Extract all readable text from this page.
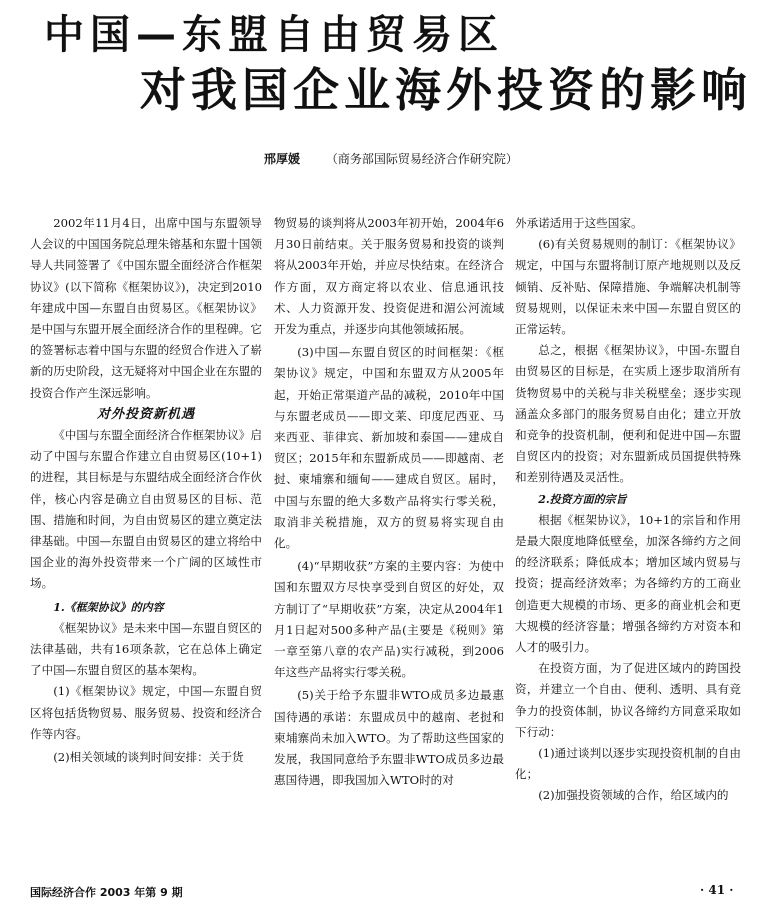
中国—东盟自由贸易区
对我国企业海外投资的影响
邢厚媛 （商务部国际贸易经济合作研究院）

2002年11月4日，出席中国与东盟领导人会议的中国国务院总理朱镕基和东盟十国领导人共同签署了《中国东盟全面经济合作框架协议》(以下简称《框架协议》)，决定到2010年建成中国—东盟自由贸易区。《框架协议》是中国与东盟开展全面经济合作的里程碑。它的签署标志着中国与东盟的经贸合作进入了崭新的历史阶段，这无疑将对中国企业在东盟的投资合作产生深远影响。

对外投资新机遇

《中国与东盟全面经济合作框架协议》启动了中国与东盟合作建立自由贸易区(10+1)的进程，其目标是与东盟结成全面经济合作伙伴，核心内容是确立自由贸易区的目标、范围、措施和时间，为自由贸易区的建立奠定法律基础。中国—东盟自由贸易区的建立将给中国企业的海外投资带来一个广阔的区域性市场。

1.《框架协议》的内容

《框架协议》是未来中国—东盟自贸区的法律基础，共有16项条款，它在总体上确定了中国—东盟自贸区的基本架构。

(1)《框架协议》规定，中国—东盟自贸区将包括货物贸易、服务贸易、投资和经济合作等内容。

(2)相关领域的谈判时间安排：关于货

物贸易的谈判将从2003年初开始，2004年6月30日前结束。关于服务贸易和投资的谈判将从2003年开始，并应尽快结束。在经济合作方面，双方商定将以农业、信息通讯技术、人力资源开发、投资促进和湄公河流域开发为重点，并逐步向其他领域拓展。

(3)中国—东盟自贸区的时间框架：《框架协议》规定，中国和东盟双方从2005年起，开始正常渠道产品的减税，2010年中国与东盟老成员——即文莱、印度尼西亚、马来西亚、菲律宾、新加坡和泰国——建成自贸区；2015年和东盟新成员——即越南、老挝、柬埔寨和缅甸——建成自贸区。届时，中国与东盟的绝大多数产品将实行零关税，取消非关税措施，双方的贸易将实现自由化。

(4)“早期收获”方案的主要内容：为使中国和东盟双方尽快享受到自贸区的好处，双方制订了“早期收获”方案，决定从2004年1月1日起对500多种产品(主要是《税则》第一章至第八章的农产品)实行减税，到2006年这些产品将实行零关税。

(5)关于给予东盟非WTO成员多边最惠国待遇的承诺：东盟成员中的越南、老挝和柬埔寨尚未加入WTO。为了帮助这些国家的发展，我国同意给予东盟非WTO成员多边最惠国待遇，即我国加入WTO时的对

外承诺适用于这些国家。

(6)有关贸易规则的制订：《框架协议》规定，中国与东盟将制订原产地规则以及反倾销、反补贴、保障措施、争端解决机制等贸易规则，以保证未来中国—东盟自贸区的正常运转。

总之，根据《框架协议》，中国-东盟自由贸易区的目标是，在实质上逐步取消所有货物贸易中的关税与非关税壁垒；逐步实现涵盖众多部门的服务贸易自由化；建立开放和竞争的投资机制，便利和促进中国—东盟自贸区内的投资；对东盟新成员国提供特殊和差别待遇及灵活性。

2.投资方面的宗旨

根据《框架协议》，10+1的宗旨和作用是最大限度地降低壁垒，加深各缔约方之间的经济联系；降低成本；增加区域内贸易与投资；提高经济效率；为各缔约方的工商业创造更大规模的市场、更多的商业机会和更大规模的经济容量；增强各缔约方对资本和人才的吸引力。

在投资方面，为了促进区域内的跨国投资，并建立一个自由、便利、透明、具有竞争力的投资体制，协议各缔约方同意采取如下行动：

(1)通过谈判以逐步实现投资机制的自由化；

(2)加强投资领域的合作，给区域内的

国际经济合作 2003 年第 9 期	· 41 ·
